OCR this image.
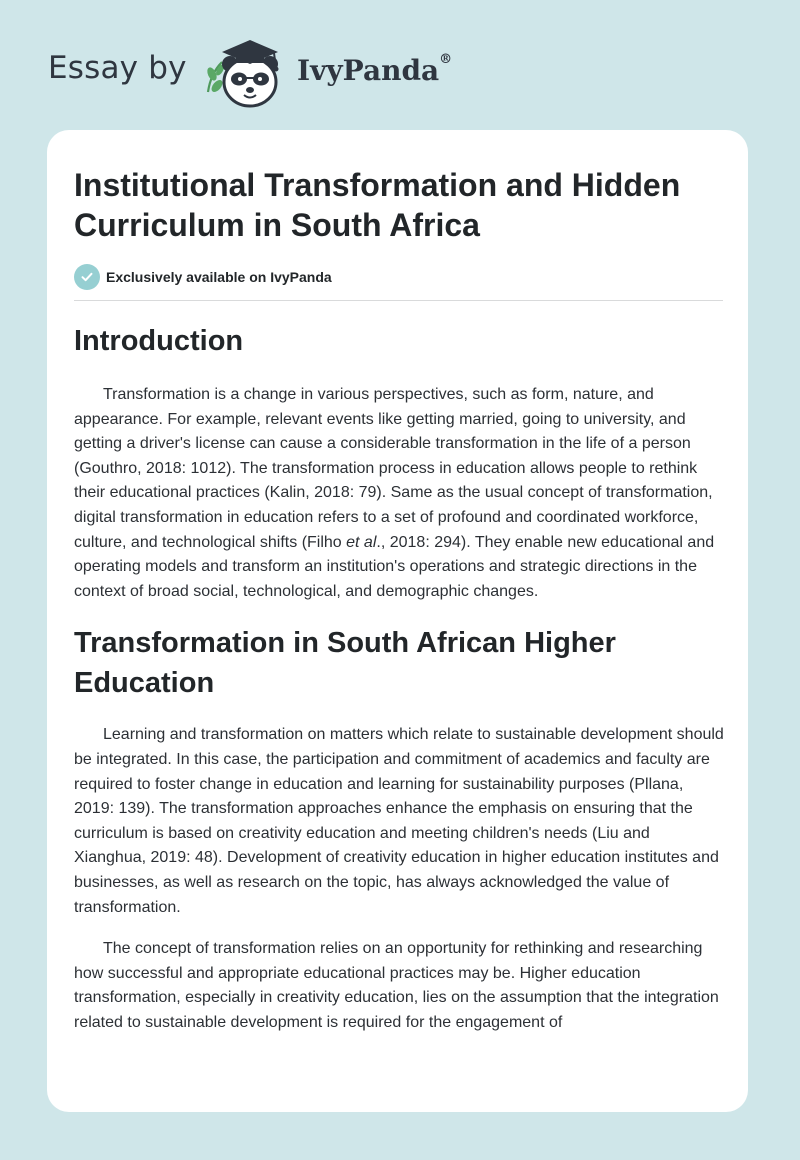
Essay by	IvyPanda®
Institutional Transformation and Hidden Curriculum in South Africa
Exclusively available on IvyPanda
Introduction

Transformation is a change in various perspectives, such as form, nature, and appearance. For example, relevant events like getting married, going to university, and getting a driver's license can cause a considerable transformation in the life of a person (Gouthro, 2018: 1012). The transformation process in education allows people to rethink their educational practices (Kalin, 2018: 79). Same as the usual concept of transformation, digital transformation in education refers to a set of profound and coordinated workforce, culture, and technological shifts (Filho et al., 2018: 294). They enable new educational and operating models and transform an institution's operations and strategic directions in the context of broad social, technological, and demographic changes.

Transformation in South African Higher Education

Learning and transformation on matters which relate to sustainable development should be integrated. In this case, the participation and commitment of academics and faculty are required to foster change in education and learning for sustainability purposes (Pllana, 2019: 139). The transformation approaches enhance the emphasis on ensuring that the curriculum is based on creativity education and meeting children's needs (Liu and Xianghua, 2019: 48). Development of creativity education in higher education institutes and businesses, as well as research on the topic, has always acknowledged the value of transformation.

The concept of transformation relies on an opportunity for rethinking and researching how successful and appropriate educational practices may be. Higher education transformation, especially in creativity education, lies on the assumption that the integration related to sustainable development is required for the engagement of
